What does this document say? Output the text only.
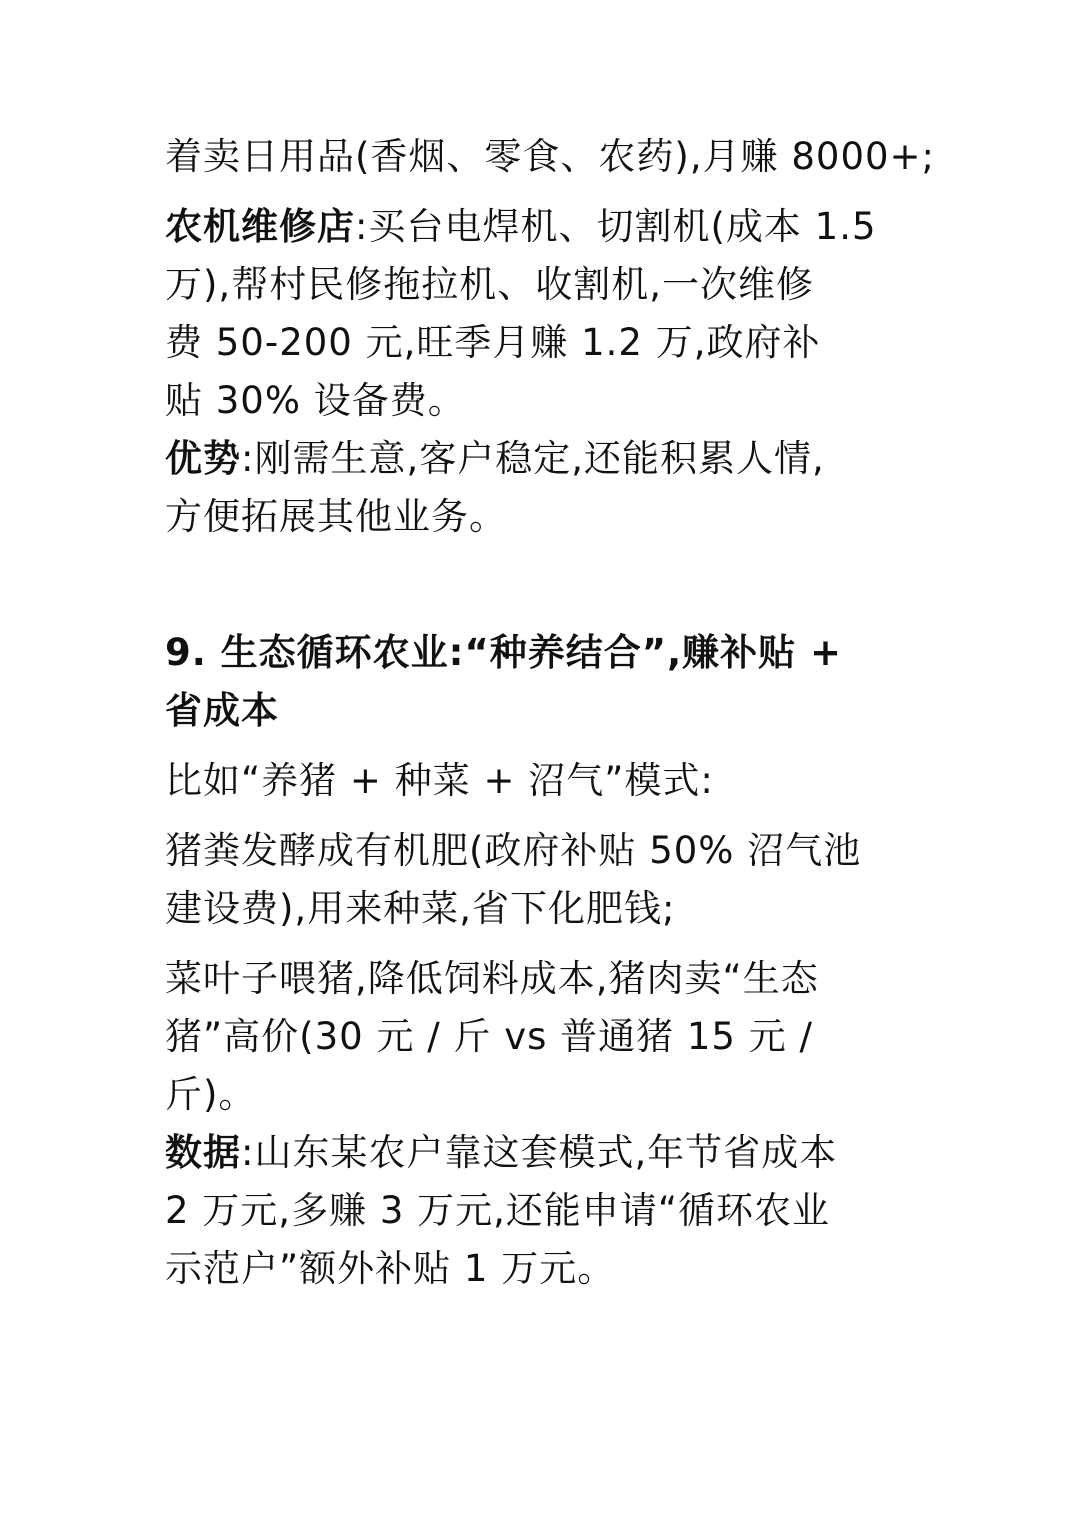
着卖日用品(香烟、零食、农药),月赚 8000+;
农机维修店:买台电焊机、切割机(成本 1.5
万),帮村民修拖拉机、收割机,一次维修
费 50-200 元,旺季月赚 1.2 万,政府补
贴 30% 设备费。
优势:刚需生意,客户稳定,还能积累人情,
方便拓展其他业务。
9. 生态循环农业:“种养结合”,赚补贴 +
省成本
比如“养猪 + 种菜 + 沼气”模式:
猪粪发酵成有机肥(政府补贴 50% 沼气池
建设费),用来种菜,省下化肥钱;
菜叶子喂猪,降低饲料成本,猪肉卖“生态
猪”高价(30 元 / 斤 vs 普通猪 15 元 /
斤)。
数据:山东某农户靠这套模式,年节省成本
2 万元,多赚 3 万元,还能申请“循环农业
示范户”额外补贴 1 万元。
